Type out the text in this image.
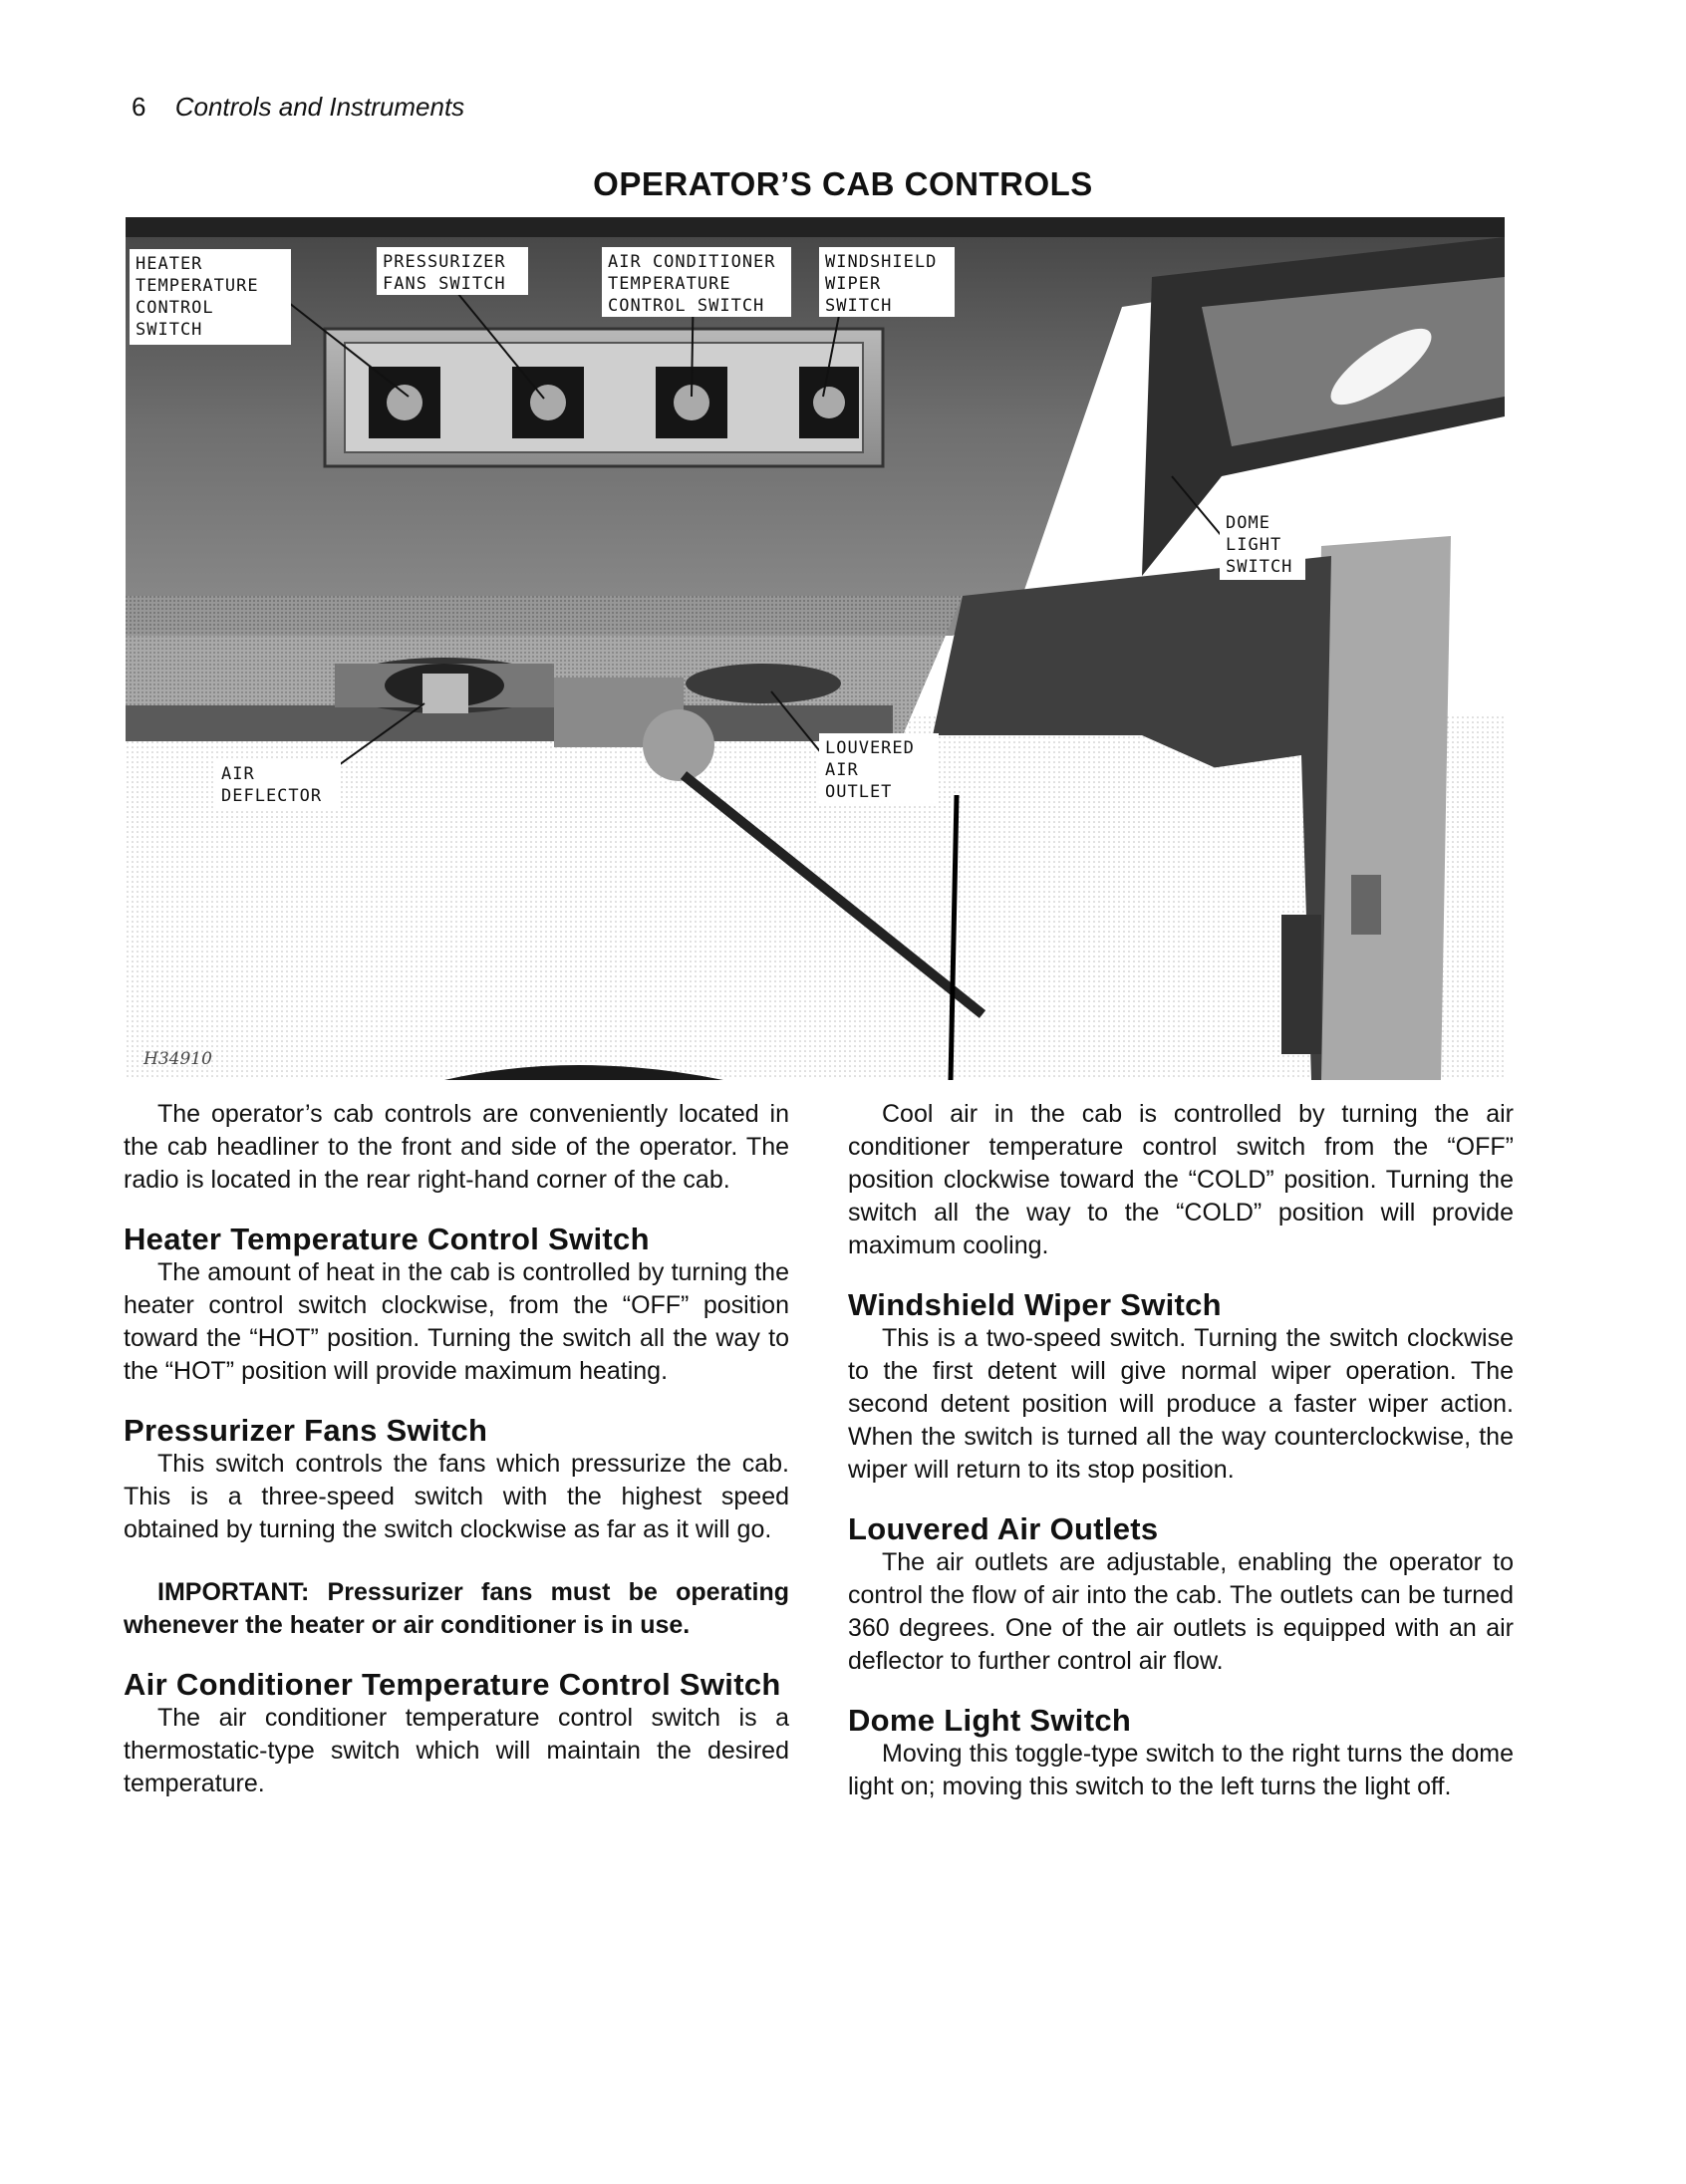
6 Controls and Instruments
OPERATOR’S CAB CONTROLS
HEATER
TEMPERATURE
CONTROL
SWITCH
PRESSURIZER
FANS SWITCH
AIR CONDITIONER
TEMPERATURE
CONTROL SWITCH
WINDSHIELD
WIPER
SWITCH
DOME
LIGHT
SWITCH
AIR
DEFLECTOR
LOUVERED
AIR
OUTLET
H34910

The operator’s cab controls are conveniently located in the cab headliner to the front and side of the operator. The radio is located in the rear right-hand corner of the cab.

Heater Temperature Control Switch

The amount of heat in the cab is controlled by turning the heater control switch clockwise, from the “OFF” position toward the “HOT” position. Turning the switch all the way to the “HOT” position will provide maximum heating.

Pressurizer Fans Switch

This switch controls the fans which pressurize the cab. This is a three-speed switch with the highest speed obtained by turning the switch clockwise as far as it will go.

IMPORTANT: Pressurizer fans must be operating whenever the heater or air conditioner is in use.

Air Conditioner Temperature Control Switch

The air conditioner temperature control switch is a thermostatic-type switch which will maintain the desired temperature.

Cool air in the cab is controlled by turning the air conditioner temperature control switch from the “OFF” position clockwise toward the “COLD” position. Turning the switch all the way to the “COLD” position will provide maximum cooling.

Windshield Wiper Switch

This is a two-speed switch. Turning the switch clockwise to the first detent will give normal wiper operation. The second detent position will produce a faster wiper action. When the switch is turned all the way counterclockwise, the wiper will return to its stop position.

Louvered Air Outlets

The air outlets are adjustable, enabling the operator to control the flow of air into the cab. The outlets can be turned 360 degrees. One of the air outlets is equipped with an air deflector to further control air flow.

Dome Light Switch

Moving this toggle-type switch to the right turns the dome light on; moving this switch to the left turns the light off.
